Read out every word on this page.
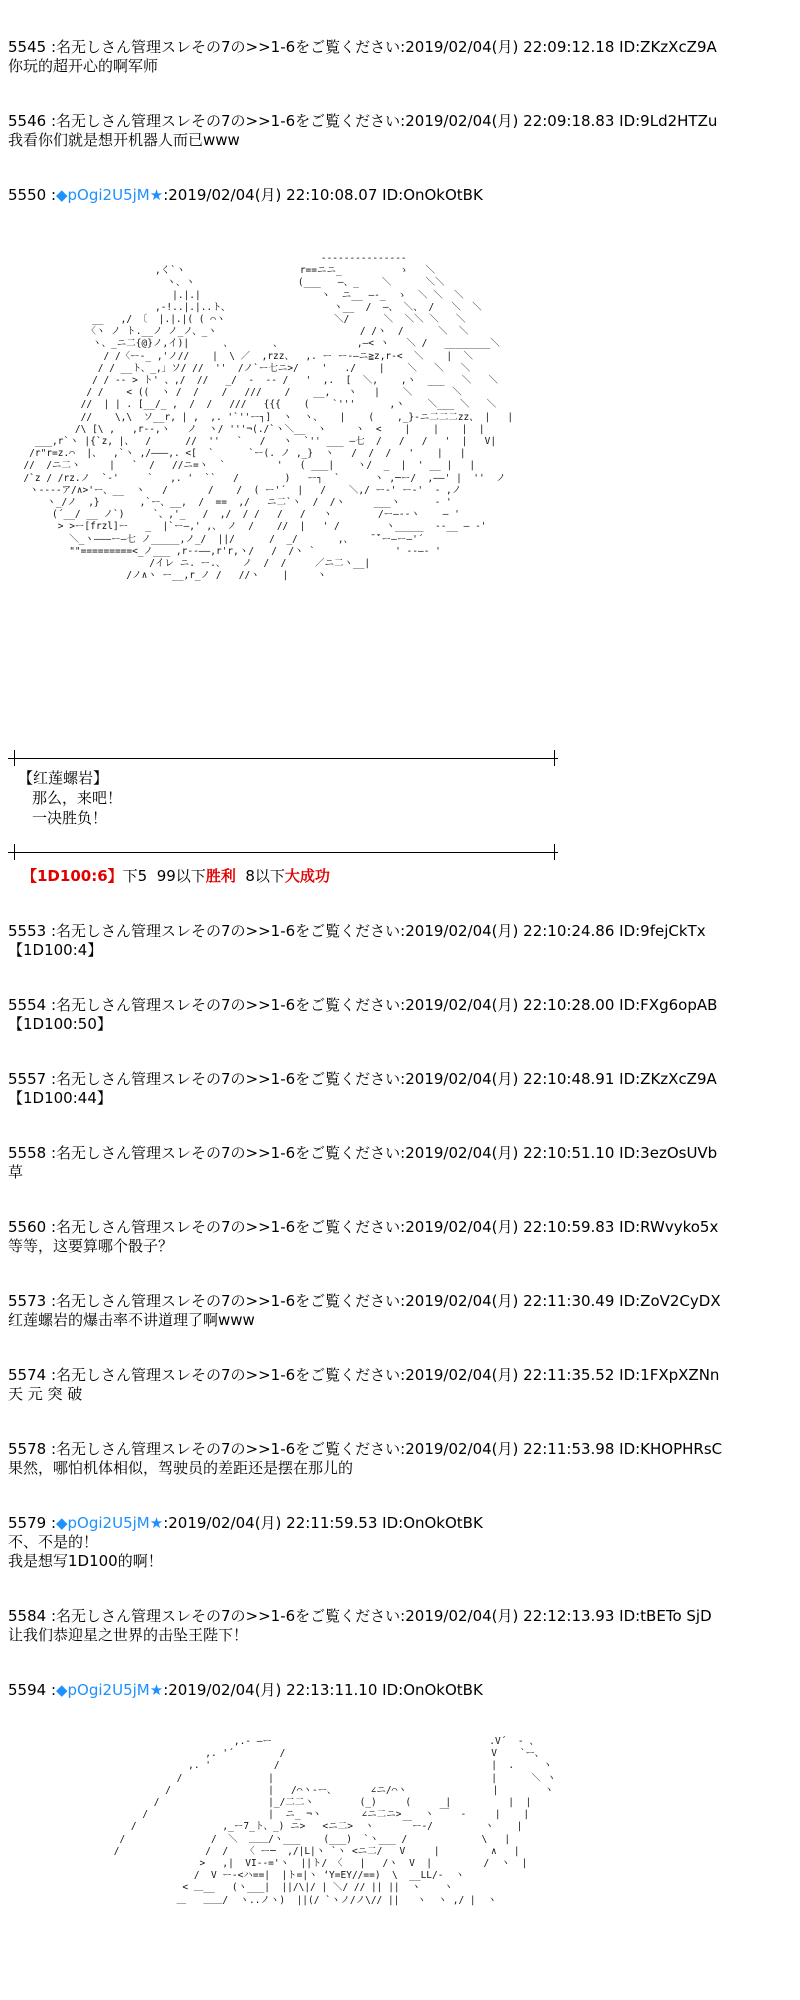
5545 :名无しさん管理スレその7の>>1-6をご覧ください:2019/02/04(月) 22:09:12.18 ID:ZKzXcZ9A
你玩的超开心的啊军师
5546 :名无しさん管理スレその7の>>1-6をご覧ください:2019/02/04(月) 22:09:18.83 ID:9Ld2HTZu
我看你们就是想开机器人而已www
5550 :◆pOgi2U5jM★:2019/02/04(月) 22:10:08.07 ID:OnOkOtBK
---------------
,く`ヽ                    r==ニニ_          ゝ   ＼
ヽ、ヽ                  (___   ―、_    ＼      ＼＼
|.|.|                     ヽ  ニ__ ―-_  ゝ  ＼ ＼  ＼
,-!..|.|..ト、                  ヽ__  /  ―、 ＼、 /   ＼  ＼
__   ,/ 〔  |.|.|( ( ⌒ヽ                   ＼/      ＼  ＼＼ ＼   ＼
〈ヽ ノ ト.__ノ ノ_ノ、_ヽ                         / /ヽ  /      ＼  ＼
ヽ、_ニ二{@}ノ,イ)|      、       、             ,―< ヽ   ＼ /   ________＼
/ /〈ー-_ ,'ノ//    |  \ ／  ,rzz、  ,. ー ー‐―ニ≧z,r‐<  ＼    |  ＼
/ / __ト、_,」ソ/ //  ''  /ノ`ー七ニ>/    '   ./    |    ＼   ＼   ＼
/ / ‐- > ト' 、,/  //   _/  ‐  -‐ /   '  ,.  [  ＼,    ,ヽ  ___   ＼   ＼
/ /    < ((  ヽ /  /    /   ///    /    __,   ヽ   |    ＼       ＼
//  | | . [__/_ ,  /  /   ///   {{{    (    `'''      ,ヽ    ＼___ ＼   ＼
//    \,\  ソ__r, | ,  ,. '`''ー┐]  ヽ  ヽ、   |    (    ,_}-ニ二二二zz、 |   |
/\ [\ ,   ,r--,ヽ   ノ  ヽ/ '''¬(./`ヽ＼__  ヽ     ヽ  <    |    |    |  |
___,r`ヽ |{`z, |、  /      //  ''   `   /   ヽ  `'' ___ ―七  /   /   /   '  |   V|
/r"r=z.⌒  |、  ,`ヽ ,/―――,. <[  `      `ー(. ノ ,_}  ヽ   /  /  /   '    |   |
//  /ニ二ヽ     |   `  /   //ニ=ヽ  `         '   ( ___|    ヽ/  _  |  ' __ |   |
/`z / /rz.ノ  `-'     `   ,. '  ``   /        )   ー┐  `      ヽ ,─ー/  ,――' |  ''  ノ
ヽ--‐‐ア/∧>'ー、__  ヽ   /       /    /  ( ー'´  |   /    ＼,/ ー-' ー‐'  ‐ ,ノ
ヽ_/ノ  ,}       ,`ー、__,  /  ==  ,/   ニ二`ヽ  /  /ヽ     ___ヽ      ‐ '
(´__/ __ ノ`)     `、,'_   /  ,/  / /   /   /   ヽ        /ー―-‐ヽ    ― '
> >ー[frzl]ー   _  |`ー―,' ,、 ノ  /    //  |   ' /        ヽ_____  ‐‐__ ― ‐'
＼_ヽ―――ー―七 ノ_____,ノ_/  ||/      /  _/       ,、   ̄ ̄`ー―ー―'´
""=========<_ノ___ ,r‐-――,r'r,ヽ/   /  /ヽ `              ' ‐‐―‐ '
/イレ ニ. ー.、   ノ  /  /     ／ニ二ヽ__|
/ノ∧ヽ ー__,r_ノ /   //ヽ    |     ヽ

【红莲螺岩】
那么，来吧！
一决胜负！
【1D100:6】下5  99以下胜利  8以下大成功
5553 :名无しさん管理スレその7の>>1-6をご覧ください:2019/02/04(月) 22:10:24.86 ID:9fejCkTx
【1D100:4】
5554 :名无しさん管理スレその7の>>1-6をご覧ください:2019/02/04(月) 22:10:28.00 ID:FXg6opAB
【1D100:50】
5557 :名无しさん管理スレその7の>>1-6をご覧ください:2019/02/04(月) 22:10:48.91 ID:ZKzXcZ9A
【1D100:44】
5558 :名无しさん管理スレその7の>>1-6をご覧ください:2019/02/04(月) 22:10:51.10 ID:3ezOsUVb
草
5560 :名无しさん管理スレその7の>>1-6をご覧ください:2019/02/04(月) 22:10:59.83 ID:RWvyko5x
等等，这要算哪个骰子？
5573 :名无しさん管理スレその7の>>1-6をご覧ください:2019/02/04(月) 22:11:30.49 ID:ZoV2CyDX
红莲螺岩的爆击率不讲道理了啊www
5574 :名无しさん管理スレその7の>>1-6をご覧ください:2019/02/04(月) 22:11:35.52 ID:1FXpXZNn
天 元 突 破
5578 :名无しさん管理スレその7の>>1-6をご覧ください:2019/02/04(月) 22:11:53.98 ID:KHOPHRsC
果然，哪怕机体相似，驾驶员的差距还是摆在那儿的
5579 :◆pOgi2U5jM★:2019/02/04(月) 22:11:59.53 ID:OnOkOtBK
不、不是的！
我是想写1D100的啊！
5584 :名无しさん管理スレその7の>>1-6をご覧ください:2019/02/04(月) 22:12:13.93 ID:tBETo SjD
让我们恭迎星之世界的击坠王陛下！
5594 :◆pOgi2U5jM★:2019/02/04(月) 22:13:11.10 ID:OnOkOtBK
,.- ―ー                                      .V´  - 、
,. '´        /                                    V    `ー、
,. '           /                                     |  .     ヽ
/               |                                      |      ＼ ヽ
/                 |   /⌒ヽ-ー、      ∠ニ/⌒ヽ               |        ヽ
/                   |_/二二ヽ        (_)     (      |          |  |
/                     |  ニ_ ¬ヽ       ∠ニ二ニ>    ヽ ￣  ‐     |    |
/               ,_ー7_ト、_) ニ>   <ニ二>  ヽ     ￣ー‐/         ヽ    |
/               /  ＼  ＿＿/ヽ___    (___)  `ヽ___ /             \   |
/               /  /   〈 ー─  ,/|L|ヽ `ヽ <ニ二/   V     |         ∧   |
>   ,|  VI-‐='ヽ  ||ト/ 〈   |   /ヽ  V  |         /  ヽ  |
/  V ー‐<ハ==|  |ト=|ヽ ‘Y=EY//==)  \  __LL/‐  ヽ
< ＿__   (ヽ___|  ||/\|/ | ＼/ // || ||  ヽ    ヽ
＿   ＿＿/  ヽ..ノヽ)  ||(/ `ヽノ/ノ\// ||   ヽ  ヽ ,/ |  ヽ
